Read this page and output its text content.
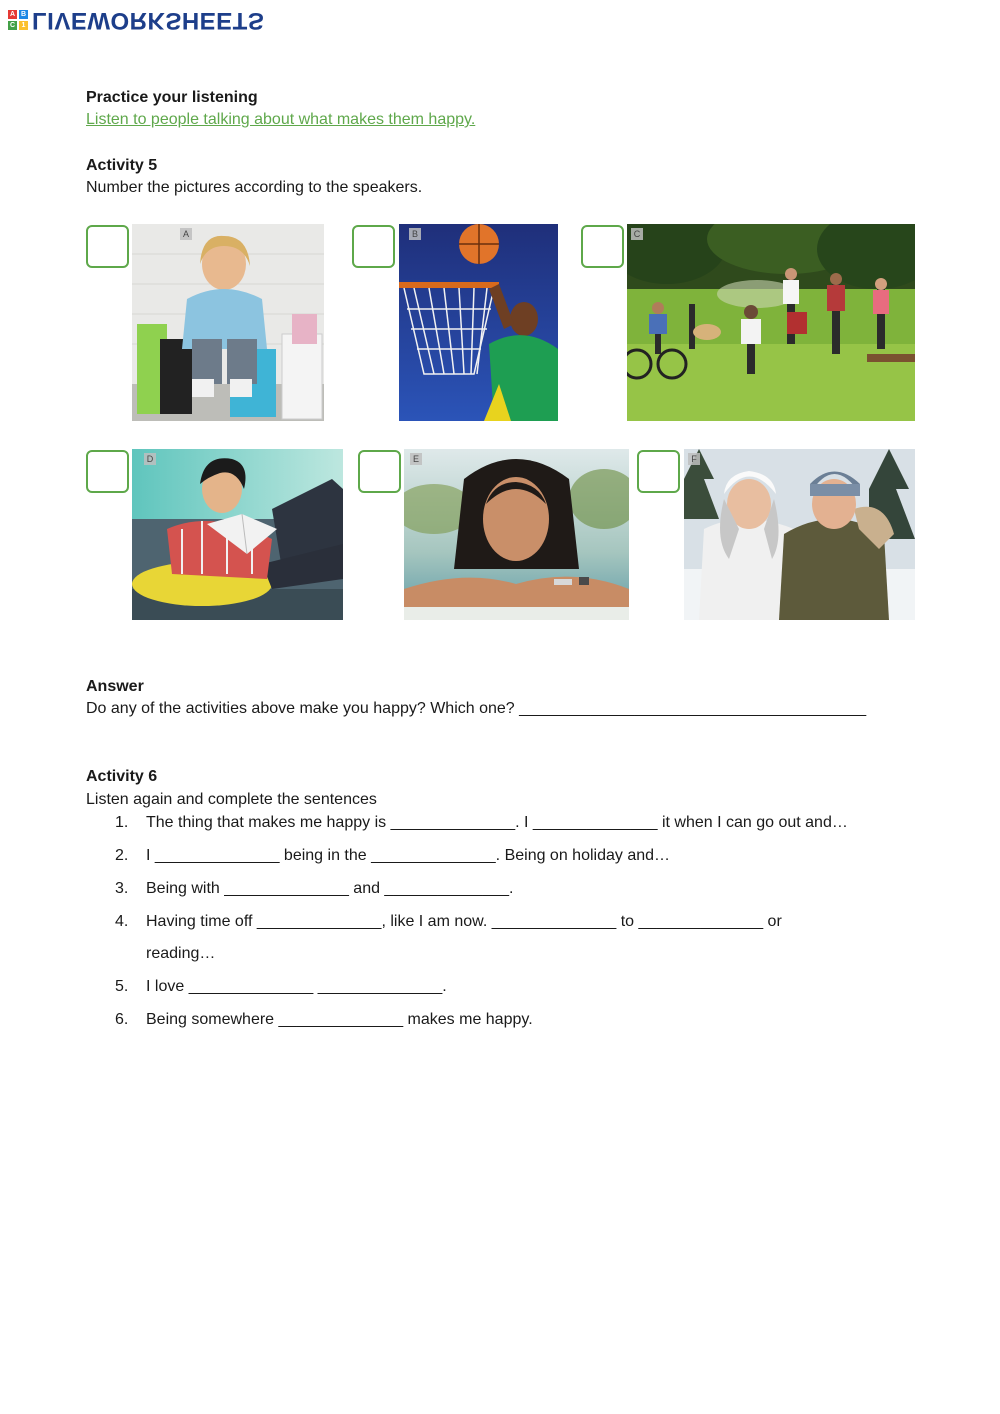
A B
C 1 LIVEWORKSHEETS
Practice your listening
Listen to people talking about what makes them happy.
Activity 5
Number the pictures according to the speakers.
A	B	C
D	E	F
Answer
Do any of the activities above make you happy? Which one? _______________________________________
Activity 6
Listen again and complete the sentences
1. The thing that makes me happy is ______________. I ______________ it when I can go out and…
2. I ______________ being in the ______________. Being on holiday and…
3. Being with ______________ and ______________.
4. Having time off ______________, like I am now. ______________ to ______________ or
reading…
5. I love ______________ ______________.
6. Being somewhere ______________ makes me happy.
